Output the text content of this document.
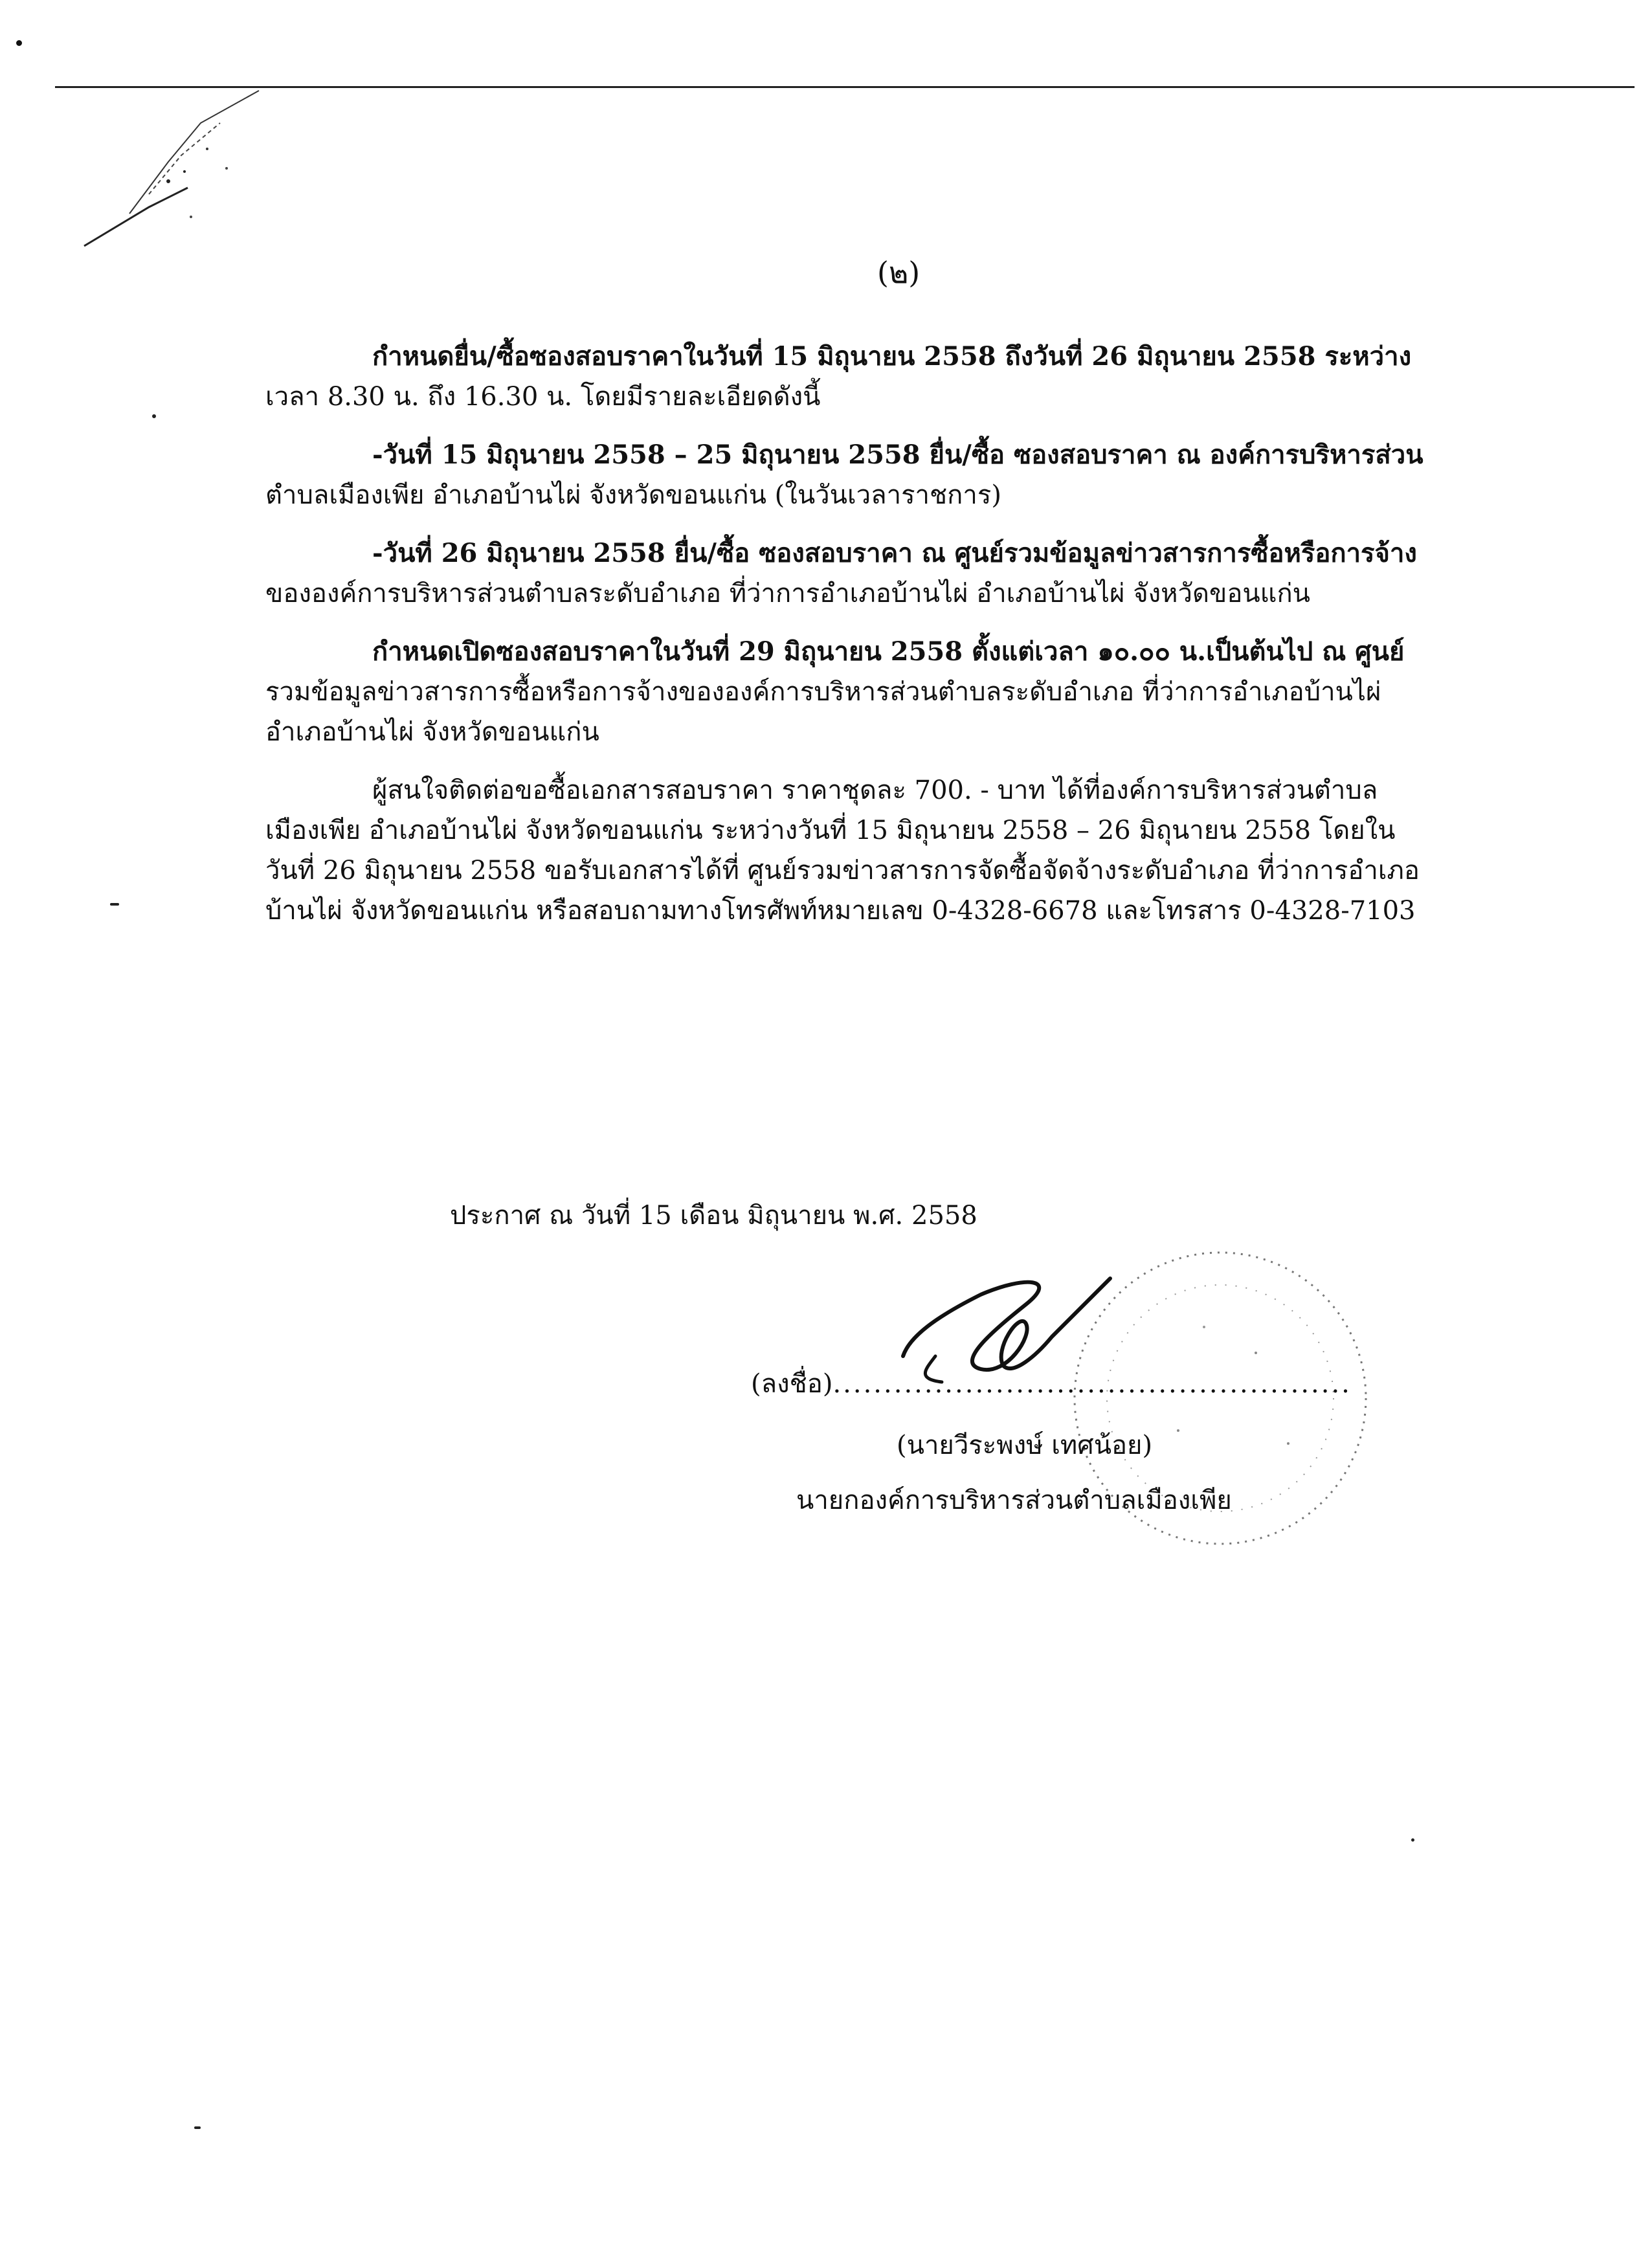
(๒)

กำหนดยื่น/ซื้อซองสอบราคาในวันที่ 15 มิถุนายน 2558 ถึงวันที่ 26 มิถุนายน 2558 ระหว่าง
เวลา 8.30 น. ถึง 16.30 น. โดยมีรายละเอียดดังนี้

-วันที่ 15 มิถุนายน 2558 – 25 มิถุนายน 2558 ยื่น/ซื้อ ซองสอบราคา ณ องค์การบริหารส่วน
ตำบลเมืองเพีย อำเภอบ้านไผ่ จังหวัดขอนแก่น (ในวันเวลาราชการ)

-วันที่ 26 มิถุนายน 2558 ยื่น/ซื้อ ซองสอบราคา ณ ศูนย์รวมข้อมูลข่าวสารการซื้อหรือการจ้าง
ขององค์การบริหารส่วนตำบลระดับอำเภอ ที่ว่าการอำเภอบ้านไผ่ อำเภอบ้านไผ่ จังหวัดขอนแก่น

กำหนดเปิดซองสอบราคาในวันที่ 29 มิถุนายน 2558 ตั้งแต่เวลา ๑๐.๐๐ น.เป็นต้นไป ณ ศูนย์
รวมข้อมูลข่าวสารการซื้อหรือการจ้างขององค์การบริหารส่วนตำบลระดับอำเภอ ที่ว่าการอำเภอบ้านไผ่
อำเภอบ้านไผ่ จังหวัดขอนแก่น

ผู้สนใจติดต่อขอซื้อเอกสารสอบราคา ราคาชุดละ 700. - บาท ได้ที่องค์การบริหารส่วนตำบล
เมืองเพีย อำเภอบ้านไผ่ จังหวัดขอนแก่น ระหว่างวันที่ 15 มิถุนายน 2558 – 26 มิถุนายน 2558 โดยใน
วันที่ 26 มิถุนายน 2558 ขอรับเอกสารได้ที่ ศูนย์รวมข่าวสารการจัดซื้อจัดจ้างระดับอำเภอ ที่ว่าการอำเภอ
บ้านไผ่ จังหวัดขอนแก่น หรือสอบถามทางโทรศัพท์หมายเลข 0-4328-6678 และโทรสาร 0-4328-7103

ประกาศ ณ วันที่ 15 เดือน มิถุนายน พ.ศ. 2558
(ลงชื่อ)...................................................
(นายวีระพงษ์ เทศน้อย)
นายกองค์การบริหารส่วนตำบลเมืองเพีย
